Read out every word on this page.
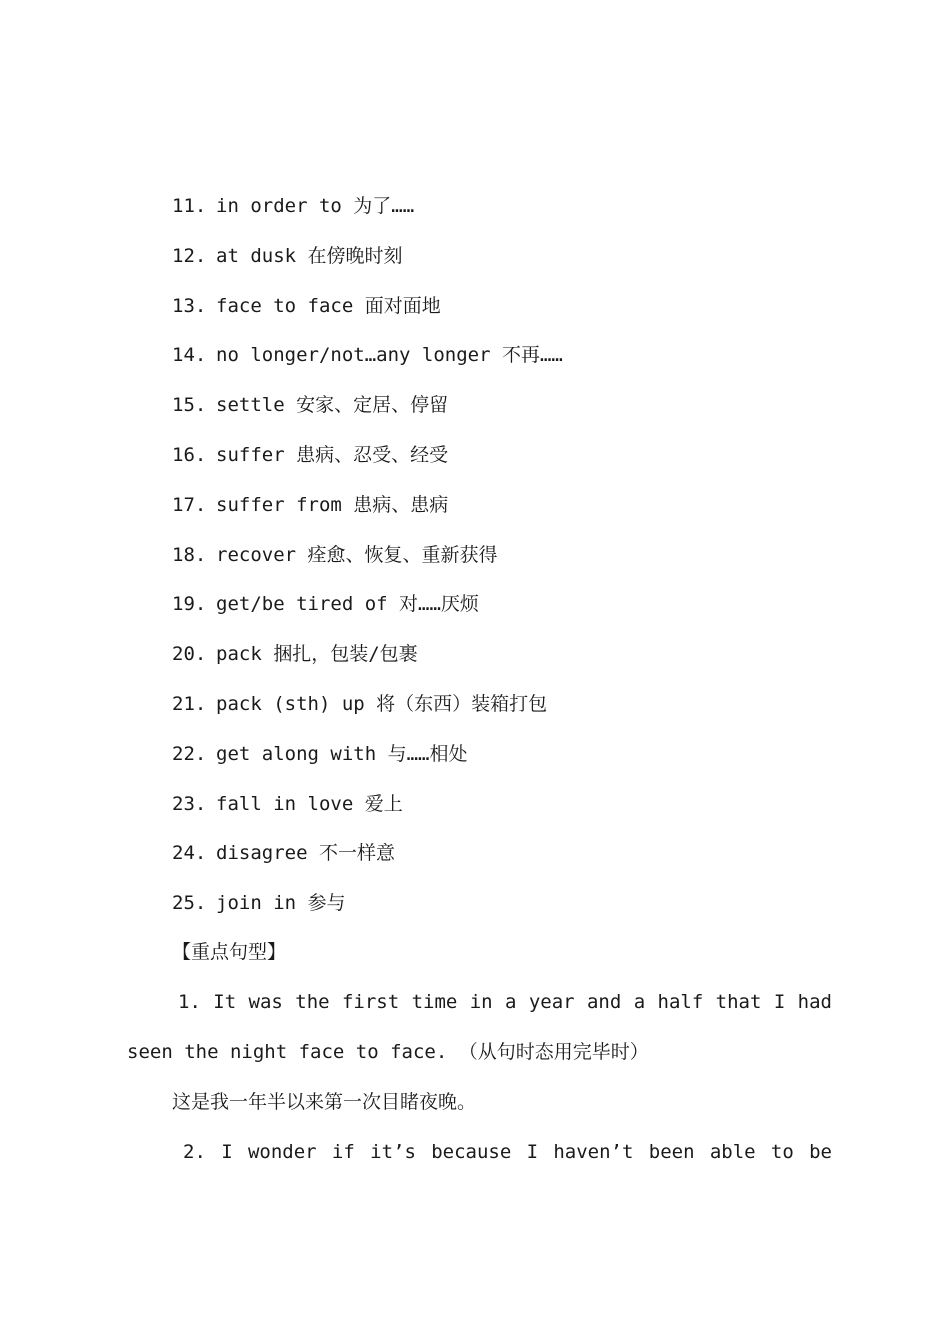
11. in order to 为了……
12. at dusk 在傍晚时刻
13. face to face 面对面地
14. no longer/not…any longer 不再……
15. settle 安家、定居、停留
16. suffer 患病、忍受、经受
17. suffer from 患病、患病
18. recover 痊愈、恢复、重新获得
19. get/be tired of 对……厌烦
20. pack 捆扎，包装/包裹
21. pack (sth) up 将（东西）装箱打包
22. get along with 与……相处
23. fall in love 爱上
24. disagree 不一样意
25. join in 参与
【重点句型】
1. It was the first time in a year and a half that I had
seen the night face to face. （从句时态用完毕时）
这是我一年半以来第一次目睹夜晚。
2. I wonder if it’s because I haven’t been able to be
